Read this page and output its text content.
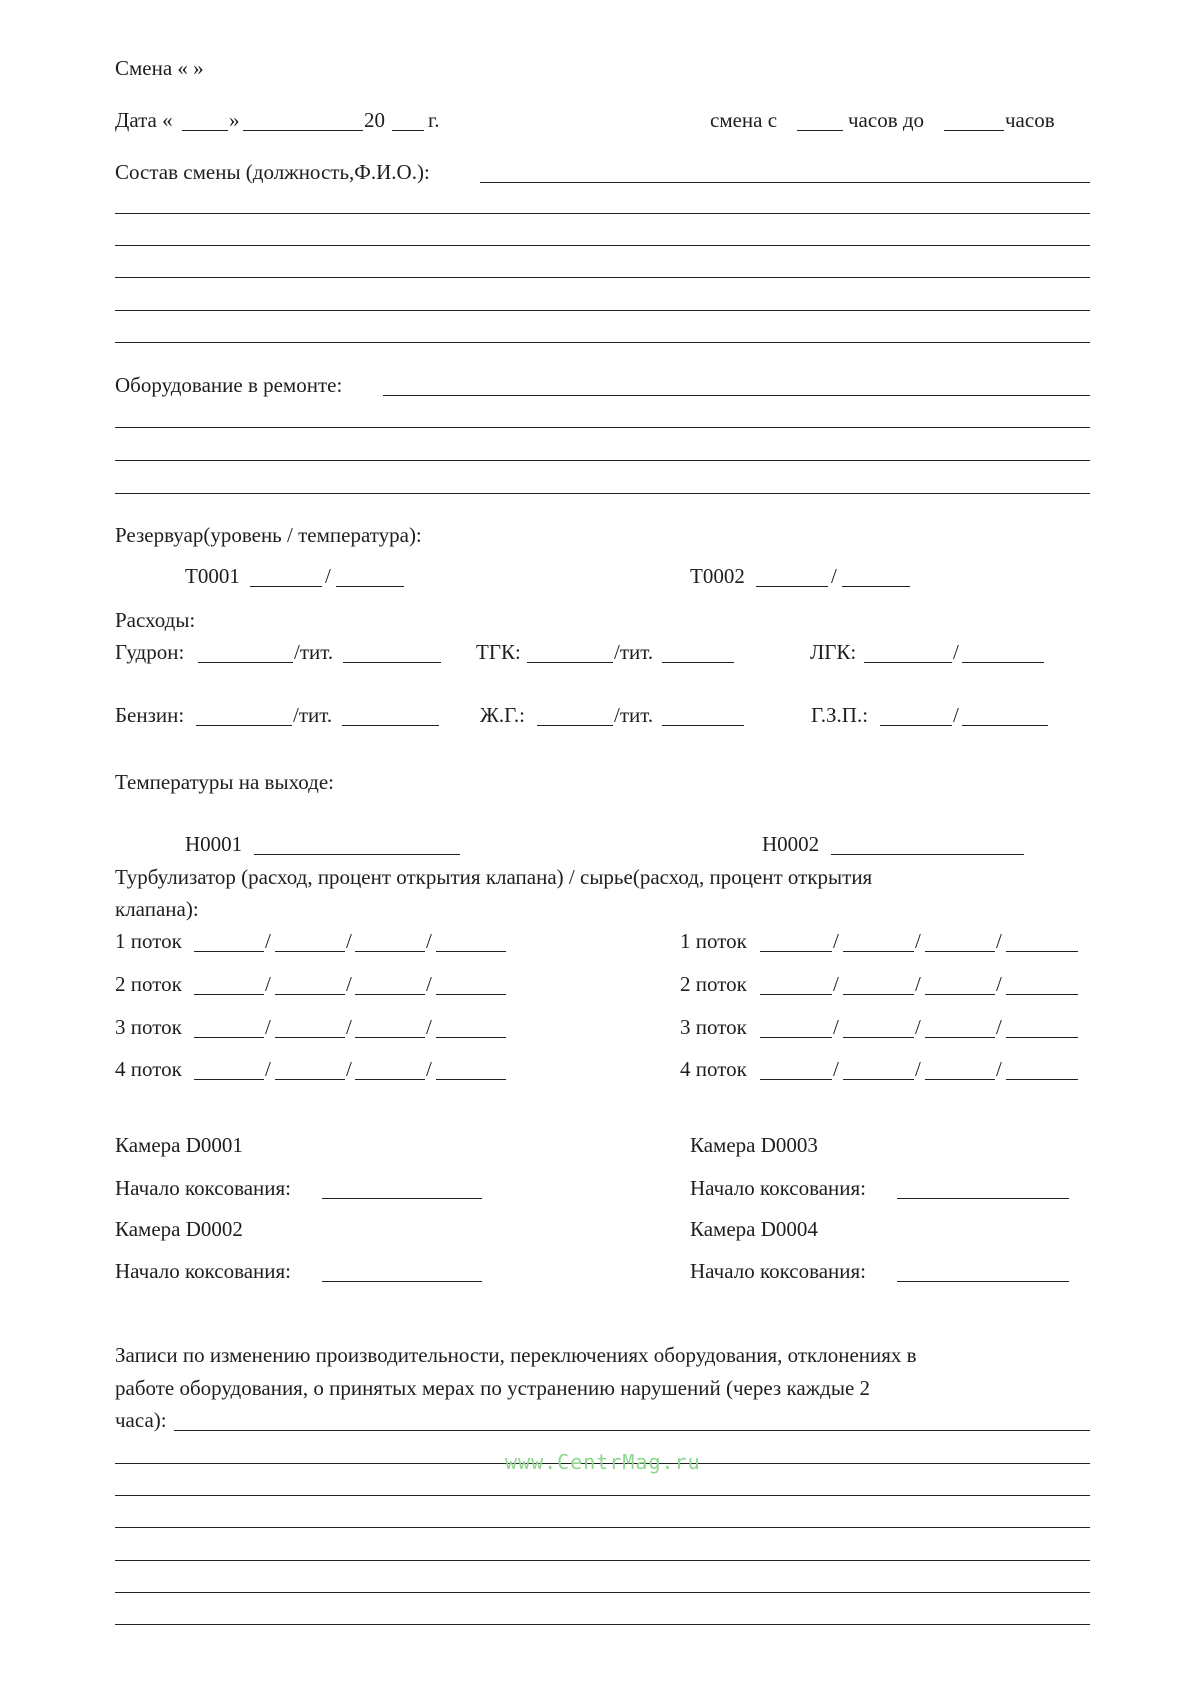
Смена « »
Дата «	»	20 г.	смена с	часов до	часов
Состав смены (должность,Ф.И.О.):
Оборудование в ремонте:
Резервуар(уровень / температура):
Т0001	/	Т0002	/
Расходы:
Гудрон:	/тит.	ТГК:	/тит.	ЛГК:	/
Бензин:	/тит.	Ж.Г.:	/тит.	Г.З.П.:	/
Температуры на выходе:
Н0001	Н0002
Турбулизатор (расход, процент открытия клапана) / сырье(расход, процент открытия
клапана):
1 поток	/	/	/
2 поток	/	/	/
3 поток	/	/	/
4 поток	/	/	/
1 поток	/	/	/
2 поток	/	/	/
3 поток	/	/	/
4 поток	/	/	/
Камера D0001
Начало коксования:
Камера D0002
Начало коксования:
Камера D0003
Начало коксования:
Камера D0004
Начало коксования:
Записи по изменению производительности, переключениях оборудования, отклонениях в
работе оборудования, о принятых мерах по устранению нарушений (через каждые 2
часа):
www.CentrMag.ru
